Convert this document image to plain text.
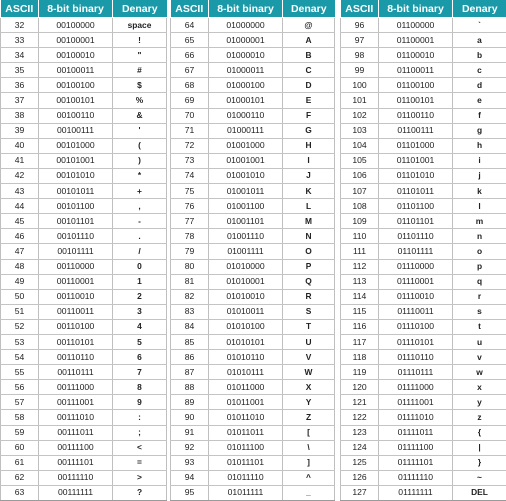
ASCII	8-bit binary	Denary
32	00100000	space
33	00100001	!
34	00100010	"
35	00100011	#
36	00100100	$
37	00100101	%
38	00100110	&
39	00100111	'
40	00101000	(
41	00101001	)
42	00101010	*
43	00101011	+
44	00101100	,
45	00101101	-
46	00101110	.
47	00101111	/
48	00110000	0
49	00110001	1
50	00110010	2
51	00110011	3
52	00110100	4
53	00110101	5
54	00110110	6
55	00110111	7
56	00111000	8
57	00111001	9
58	00111010	:
59	00111011	;
60	00111100	<
61	00111101	=
62	00111110	>
63	00111111	?
ASCII	8-bit binary	Denary
64	01000000	@
65	01000001	A
66	01000010	B
67	01000011	C
68	01000100	D
69	01000101	E
70	01000110	F
71	01000111	G
72	01001000	H
73	01001001	I
74	01001010	J
75	01001011	K
76	01001100	L
77	01001101	M
78	01001110	N
79	01001111	O
80	01010000	P
81	01010001	Q
82	01010010	R
83	01010011	S
84	01010100	T
85	01010101	U
86	01010110	V
87	01010111	W
88	01011000	X
89	01011001	Y
90	01011010	Z
91	01011011	[
92	01011100	\
93	01011101	]
94	01011110	^
95	01011111	_
ASCII	8-bit binary	Denary
96	01100000	`
97	01100001	a
98	01100010	b
99	01100011	c
100	01100100	d
101	01100101	e
102	01100110	f
103	01100111	g
104	01101000	h
105	01101001	i
106	01101010	j
107	01101011	k
108	01101100	l
109	01101101	m
110	01101110	n
111	01101111	o
112	01110000	p
113	01110001	q
114	01110010	r
115	01110011	s
116	01110100	t
117	01110101	u
118	01110110	v
119	01110111	w
120	01111000	x
121	01111001	y
122	01111010	z
123	01111011	{
124	01111100	|
125	01111101	}
126	01111110	~
127	01111111	DEL
